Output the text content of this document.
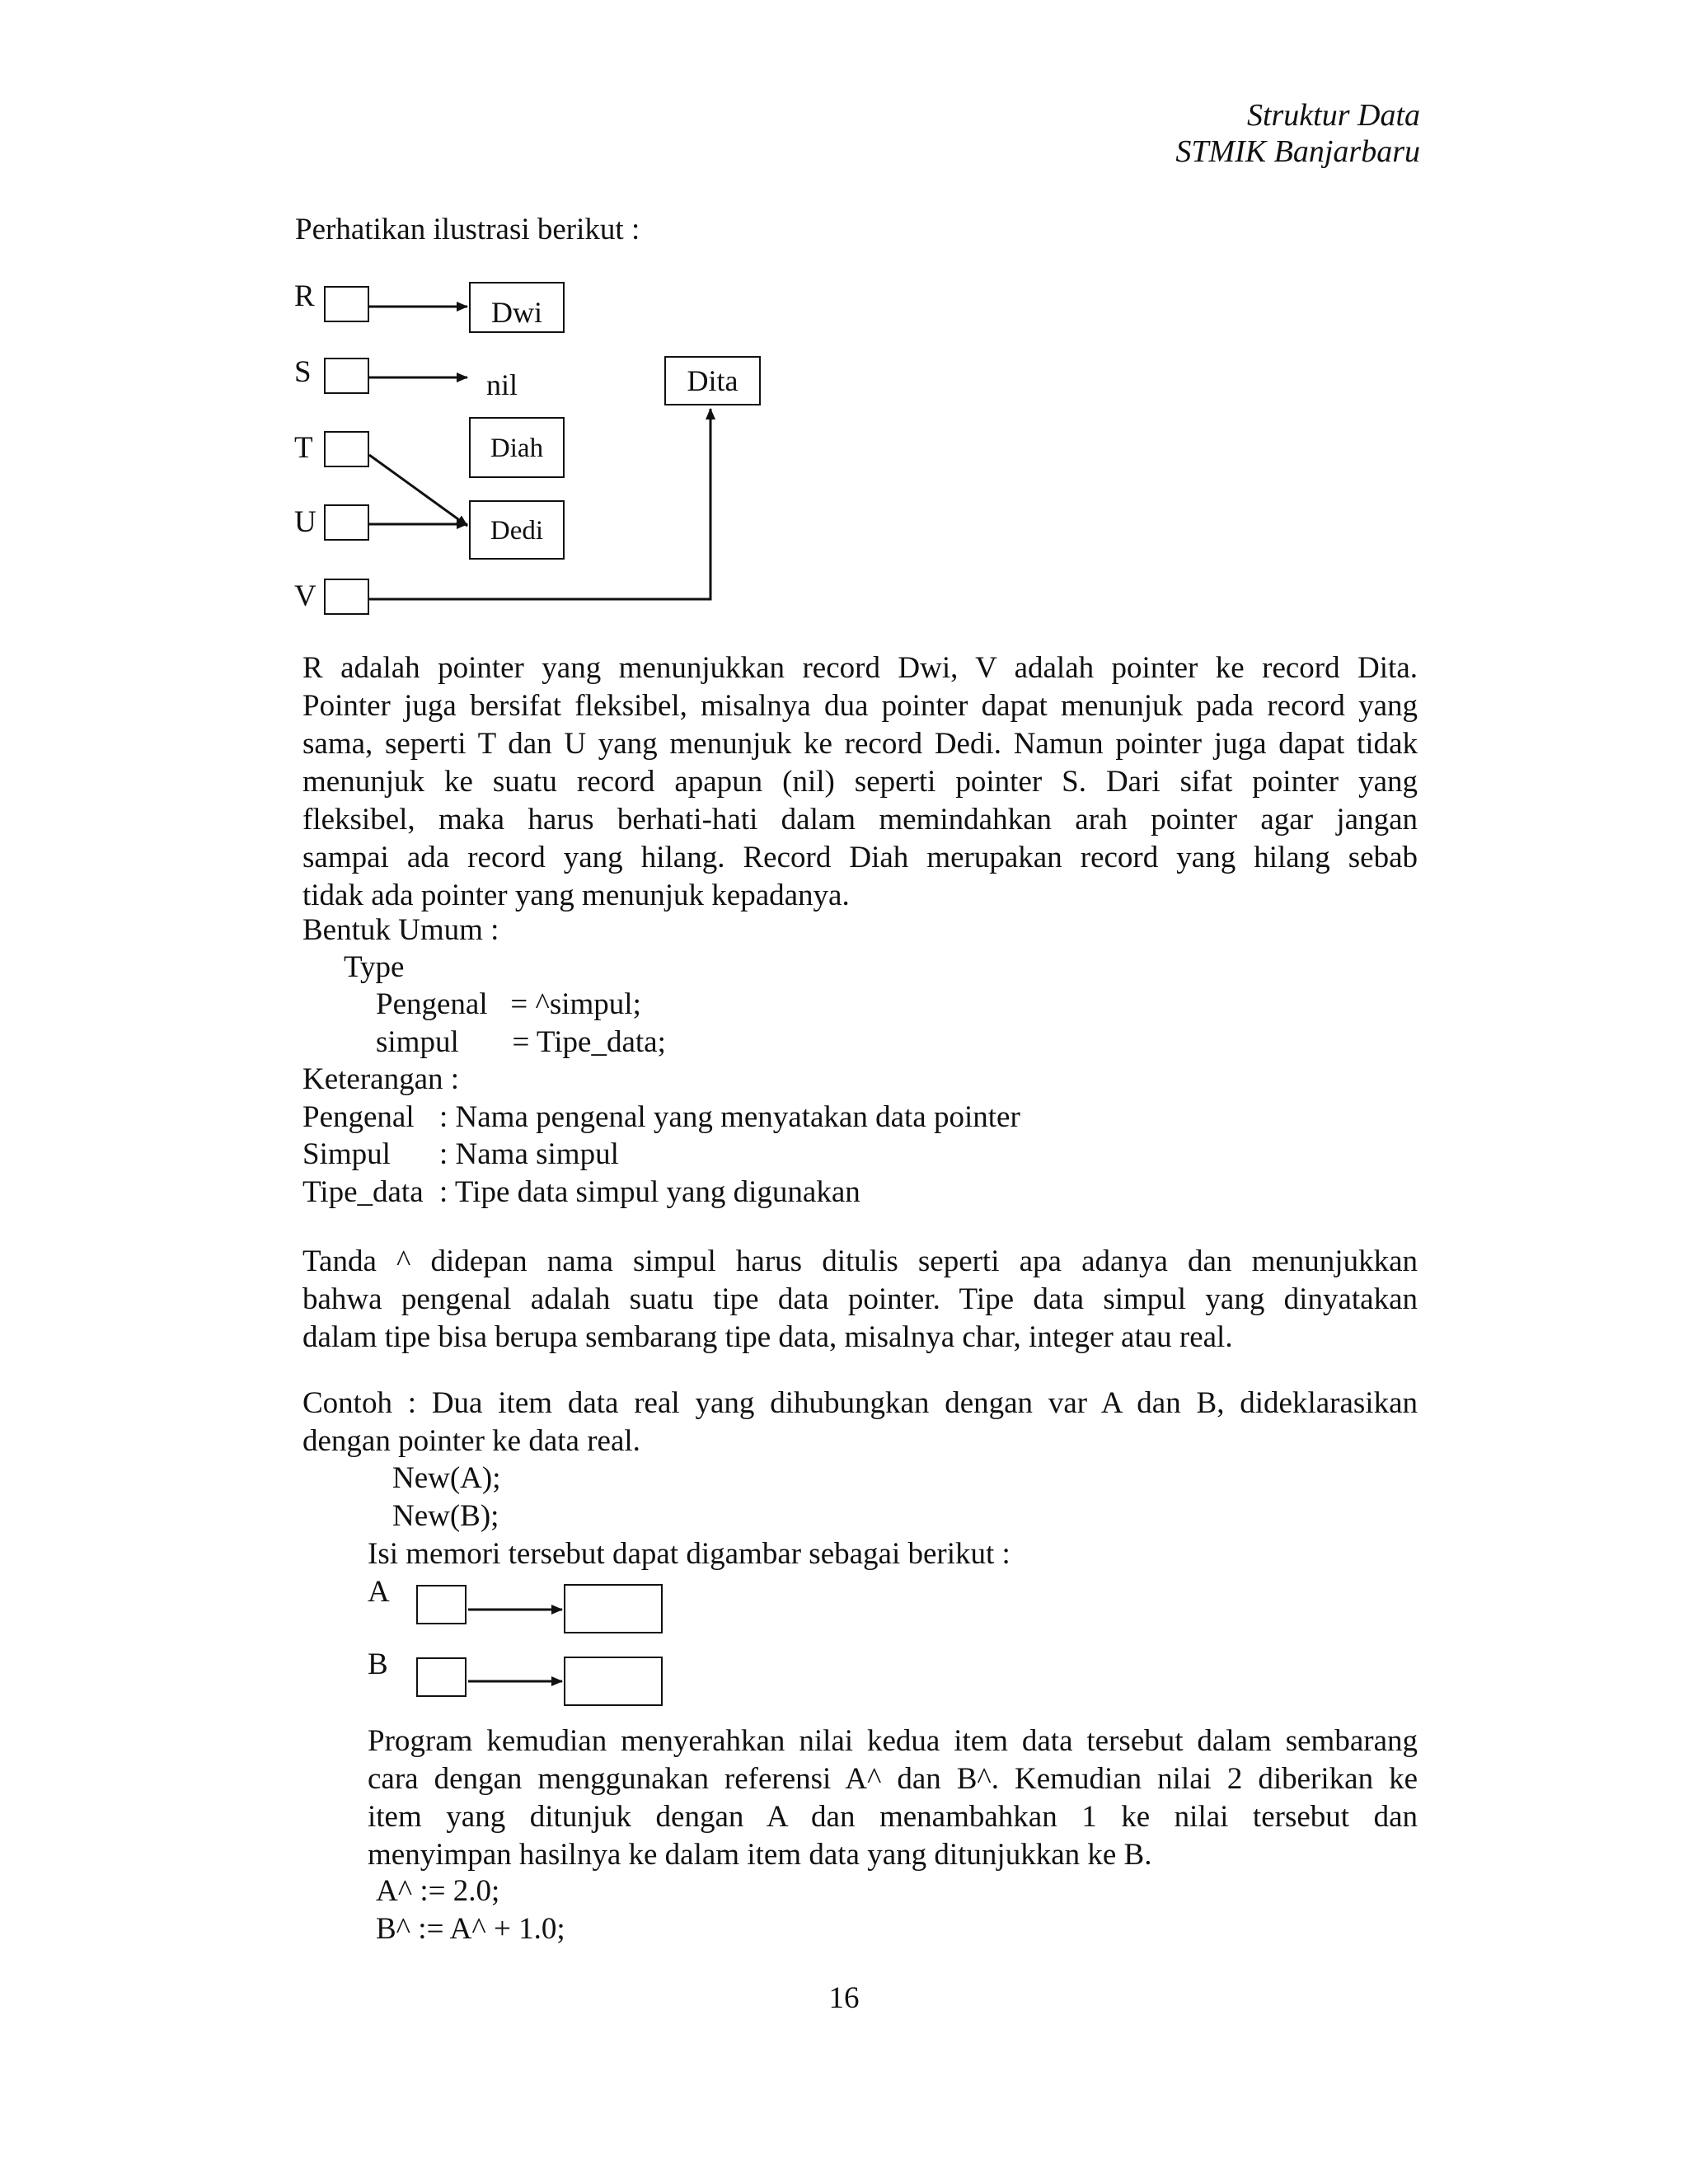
Struktur Data
STMIK Banjarbaru
Perhatikan ilustrasi berikut :
R
S
T
U
V
Dwi
nil	Dita
Diah
Dedi
R adalah pointer yang menunjukkan record Dwi, V adalah pointer ke record Dita.
Pointer juga bersifat fleksibel, misalnya dua pointer dapat menunjuk pada record yang
sama, seperti T dan U yang menunjuk ke record Dedi. Namun pointer juga dapat tidak
menunjuk ke suatu record apapun (nil) seperti pointer S. Dari sifat pointer yang
fleksibel, maka harus berhati-hati dalam memindahkan arah pointer agar jangan
sampai ada record yang hilang. Record Diah merupakan record yang hilang sebab
tidak ada pointer yang menunjuk kepadanya.
Bentuk Umum :
Type
Pengenal   = ^simpul;
simpul       = Tipe_data;
Keterangan :
Pengenal : Nama pengenal yang menyatakan data pointer
Simpul : Nama simpul
Tipe_data : Tipe data simpul yang digunakan
Tanda ^ didepan nama simpul harus ditulis seperti apa adanya dan menunjukkan
bahwa pengenal adalah suatu tipe data pointer. Tipe data simpul yang dinyatakan
dalam tipe bisa berupa sembarang tipe data, misalnya char, integer atau real.
Contoh : Dua item data real yang dihubungkan dengan var A dan B, dideklarasikan
dengan pointer ke data real.
New(A);
New(B);
Isi memori tersebut dapat digambar sebagai berikut :
A
B
Program kemudian menyerahkan nilai kedua item data tersebut dalam sembarang
cara dengan menggunakan referensi A^ dan B^. Kemudian nilai 2 diberikan ke
item yang ditunjuk dengan A dan menambahkan 1 ke nilai tersebut dan
menyimpan hasilnya ke dalam item data yang ditunjukkan ke B.
A^ := 2.0;
B^ := A^ + 1.0;
16
